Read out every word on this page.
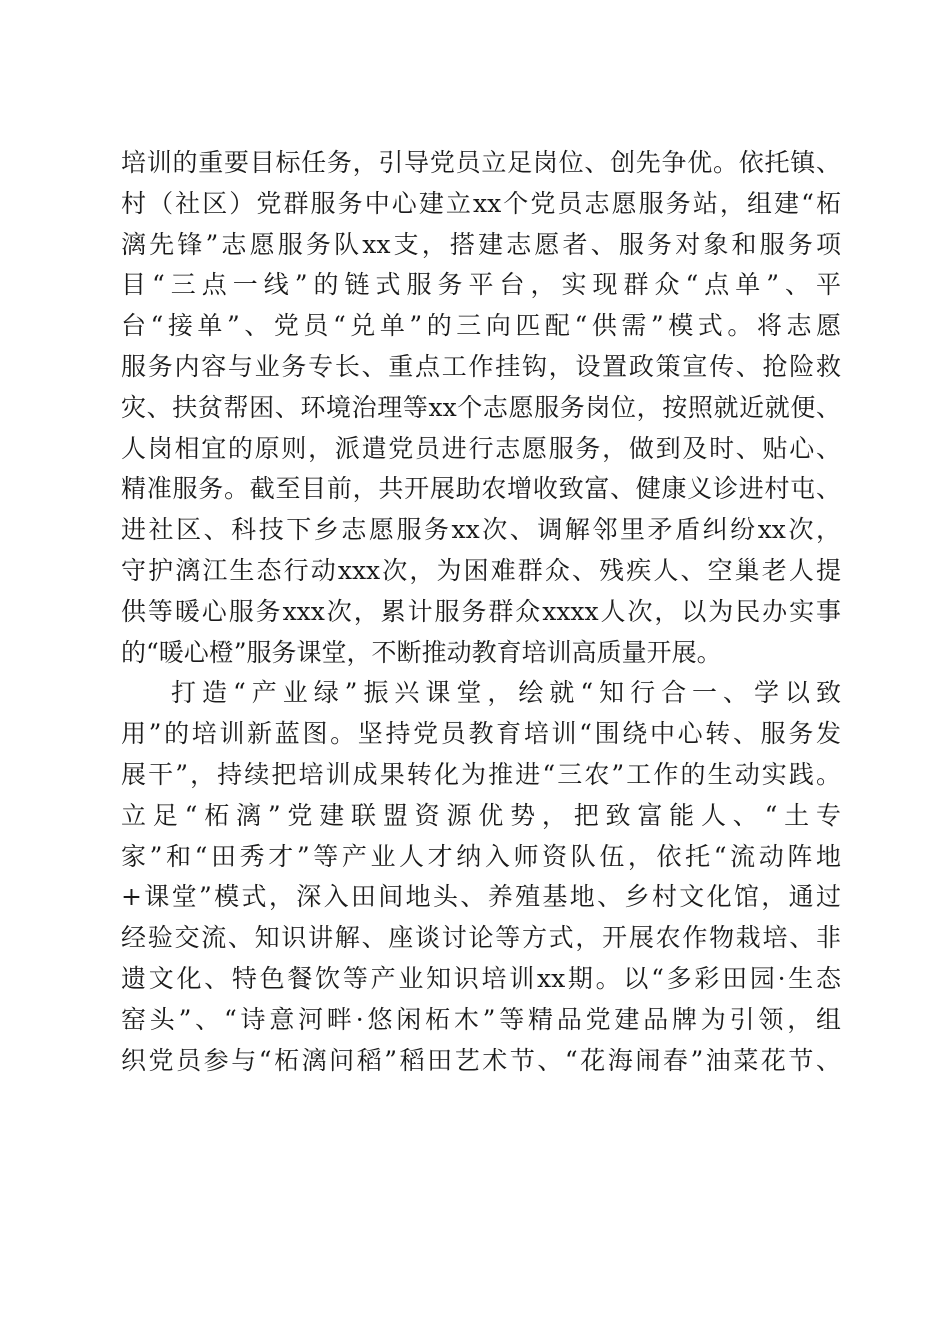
培训的重要目标任务，引导党员立足岗位、创先争优。依托镇、
村（社区）党群服务中心建立xx个党员志愿服务站，组建“柘
漓先锋”志愿服务队xx支，搭建志愿者、服务对象和服务项
目“三点一线”的链式服务平台，实现群众“点单”、平
台“接单”、党员“兑单”的三向匹配“供需”模式。将志愿
服务内容与业务专长、重点工作挂钩，设置政策宣传、抢险救
灾、扶贫帮困、环境治理等xx个志愿服务岗位，按照就近就便、
人岗相宜的原则，派遣党员进行志愿服务，做到及时、贴心、
精准服务。截至目前，共开展助农增收致富、健康义诊进村屯、
进社区、科技下乡志愿服务xx次、调解邻里矛盾纠纷xx次，
守护漓江生态行动xxx次，为困难群众、残疾人、空巢老人提
供等暖心服务xxx次，累计服务群众xxxx人次，以为民办实事
的“暖心橙”服务课堂，不断推动教育培训高质量开展。
打造“产业绿”振兴课堂，绘就“知行合一、学以致
用”的培训新蓝图。坚持党员教育培训“围绕中心转、服务发
展干”，持续把培训成果转化为推进“三农”工作的生动实践。
立足“柘漓”党建联盟资源优势，把致富能人、“土专
家”和“田秀才”等产业人才纳入师资队伍，依托“流动阵地
+课堂”模式，深入田间地头、养殖基地、乡村文化馆，通过
经验交流、知识讲解、座谈讨论等方式，开展农作物栽培、非
遗文化、特色餐饮等产业知识培训xx期。以“多彩田园·生态
窑头”、“诗意河畔·悠闲柘木”等精品党建品牌为引领，组
织党员参与“柘漓问稻”稻田艺术节、“花海闹春”油菜花节、
